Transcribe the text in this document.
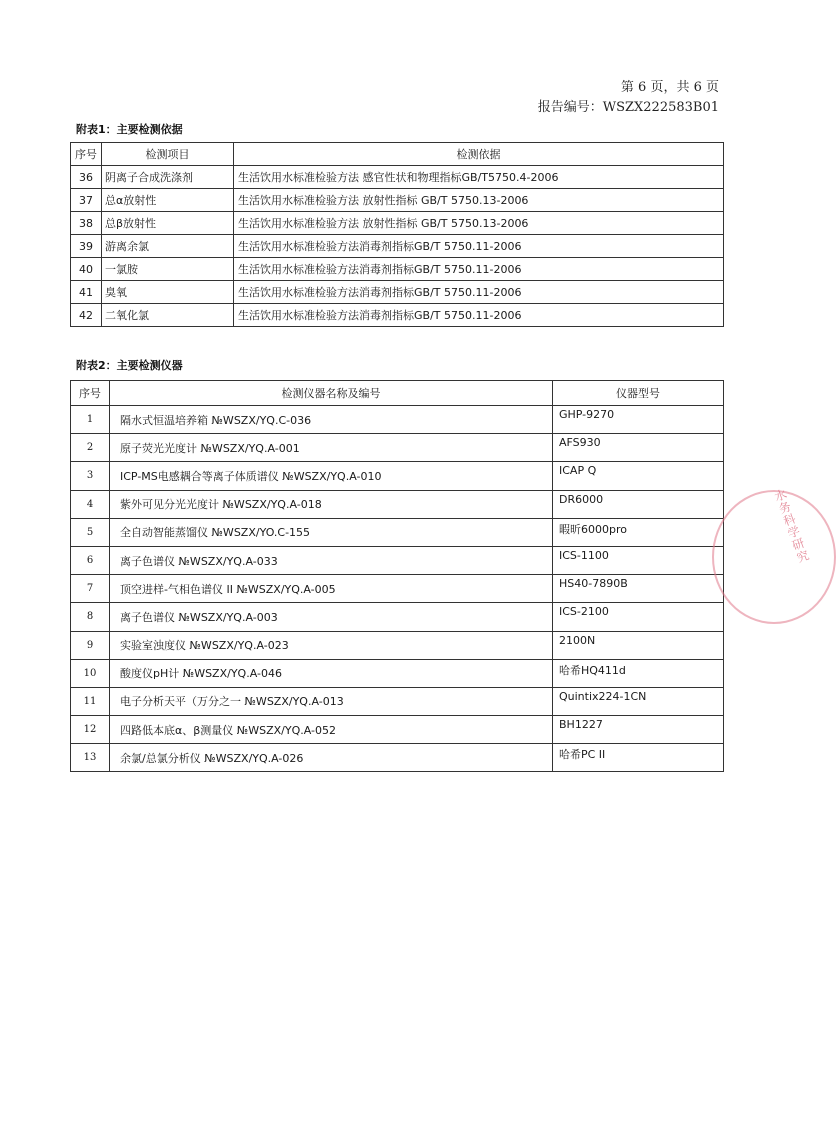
第 6 页，共 6 页
报告编号：WSZX222583B01
附表1：主要检测依据
序号	检测项目	检测依据
36	阴离子合成洗涤剂	生活饮用水标准检验方法 感官性状和物理指标GB/T5750.4-2006
37	总α放射性	生活饮用水标准检验方法 放射性指标 GB/T 5750.13-2006
38	总β放射性	生活饮用水标准检验方法 放射性指标 GB/T 5750.13-2006
39	游离余氯	生活饮用水标准检验方法消毒剂指标GB/T 5750.11-2006
40	一氯胺	生活饮用水标准检验方法消毒剂指标GB/T 5750.11-2006
41	臭氧	生活饮用水标准检验方法消毒剂指标GB/T 5750.11-2006
42	二氧化氯	生活饮用水标准检验方法消毒剂指标GB/T 5750.11-2006
附表2：主要检测仪器
序号	检测仪器名称及编号	仪器型号
1	隔水式恒温培养箱 №WSZX/YQ.C-036	GHP-9270
2	原子荧光光度计 №WSZX/YQ.A-001	AFS930
3	ICP-MS电感耦合等离子体质谱仪 №WSZX/YQ.A-010	ICAP Q
4	紫外可见分光光度计 №WSZX/YQ.A-018	DR6000
5	全自动智能蒸馏仪 №WSZX/YO.C-155	暇昕6000pro
6	离子色谱仪 №WSZX/YQ.A-033	ICS-1100
7	顶空进样-气相色谱仪 II №WSZX/YQ.A-005	HS40-7890B
8	离子色谱仪 №WSZX/YQ.A-003	ICS-2100
9	实验室浊度仪 №WSZX/YQ.A-023	2100N
10	酸度仪pH计 №WSZX/YQ.A-046	哈希HQ411d
11	电子分析天平（万分之一 №WSZX/YQ.A-013	Quintix224-1CN
12	四路低本底α、β测量仪 №WSZX/YQ.A-052	BH1227
13	余氯/总氯分析仪 №WSZX/YQ.A-026	哈希PC II
水务科学研究
